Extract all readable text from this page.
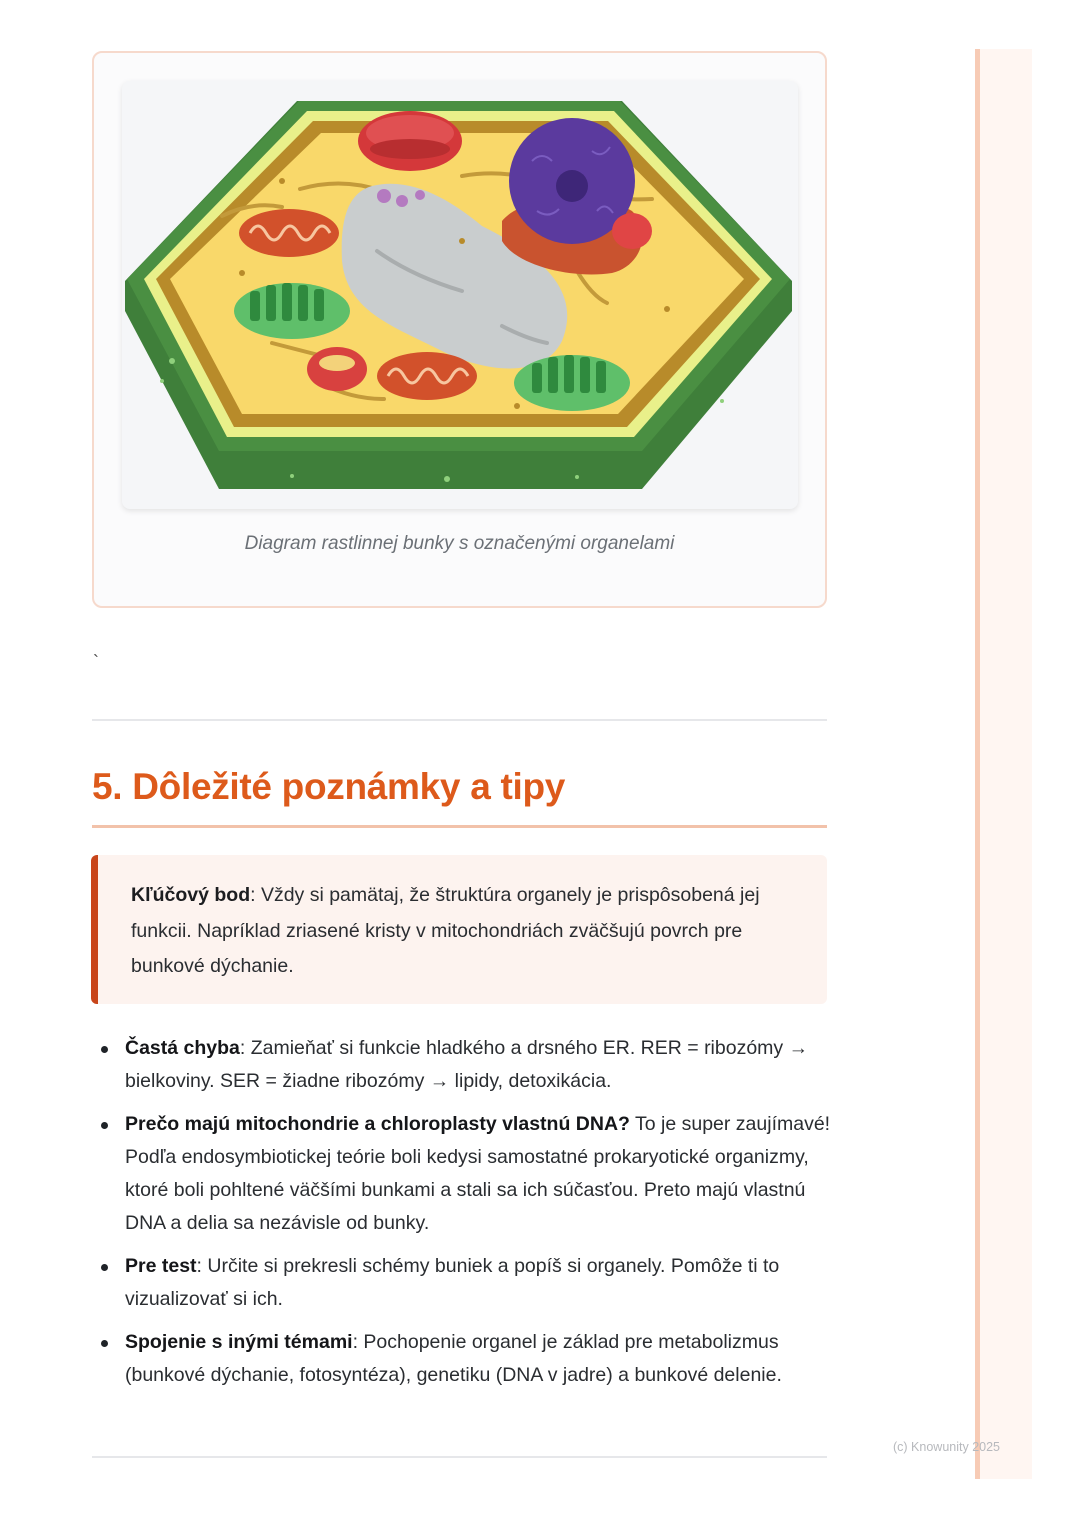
Diagram rastlinnej bunky s označenými organelami
`
5. Dôležité poznámky a tipy
Kľúčový bod: Vždy si pamätaj, že štruktúra organely je prispôsobená jej funkcii. Napríklad zriasené kristy v mitochondriách zväčšujú povrch pre bunkové dýchanie.
Častá chyba: Zamieňať si funkcie hladkého a drsného ER. RER = ribozómy → bielkoviny. SER = žiadne ribozómy → lipidy, detoxikácia.
Prečo majú mitochondrie a chloroplasty vlastnú DNA? To je super zaujímavé! Podľa endosymbiotickej teórie boli kedysi samostatné prokaryotické organizmy, ktoré boli pohltené väčšími bunkami a stali sa ich súčasťou. Preto majú vlastnú DNA a delia sa nezávisle od bunky.
Pre test: Určite si prekresli schémy buniek a popíš si organely. Pomôže ti to vizualizovať si ich.
Spojenie s inými témami: Pochopenie organel je základ pre metabolizmus (bunkové dýchanie, fotosyntéza), genetiku (DNA v jadre) a bunkové delenie.
(c) Knowunity 2025
